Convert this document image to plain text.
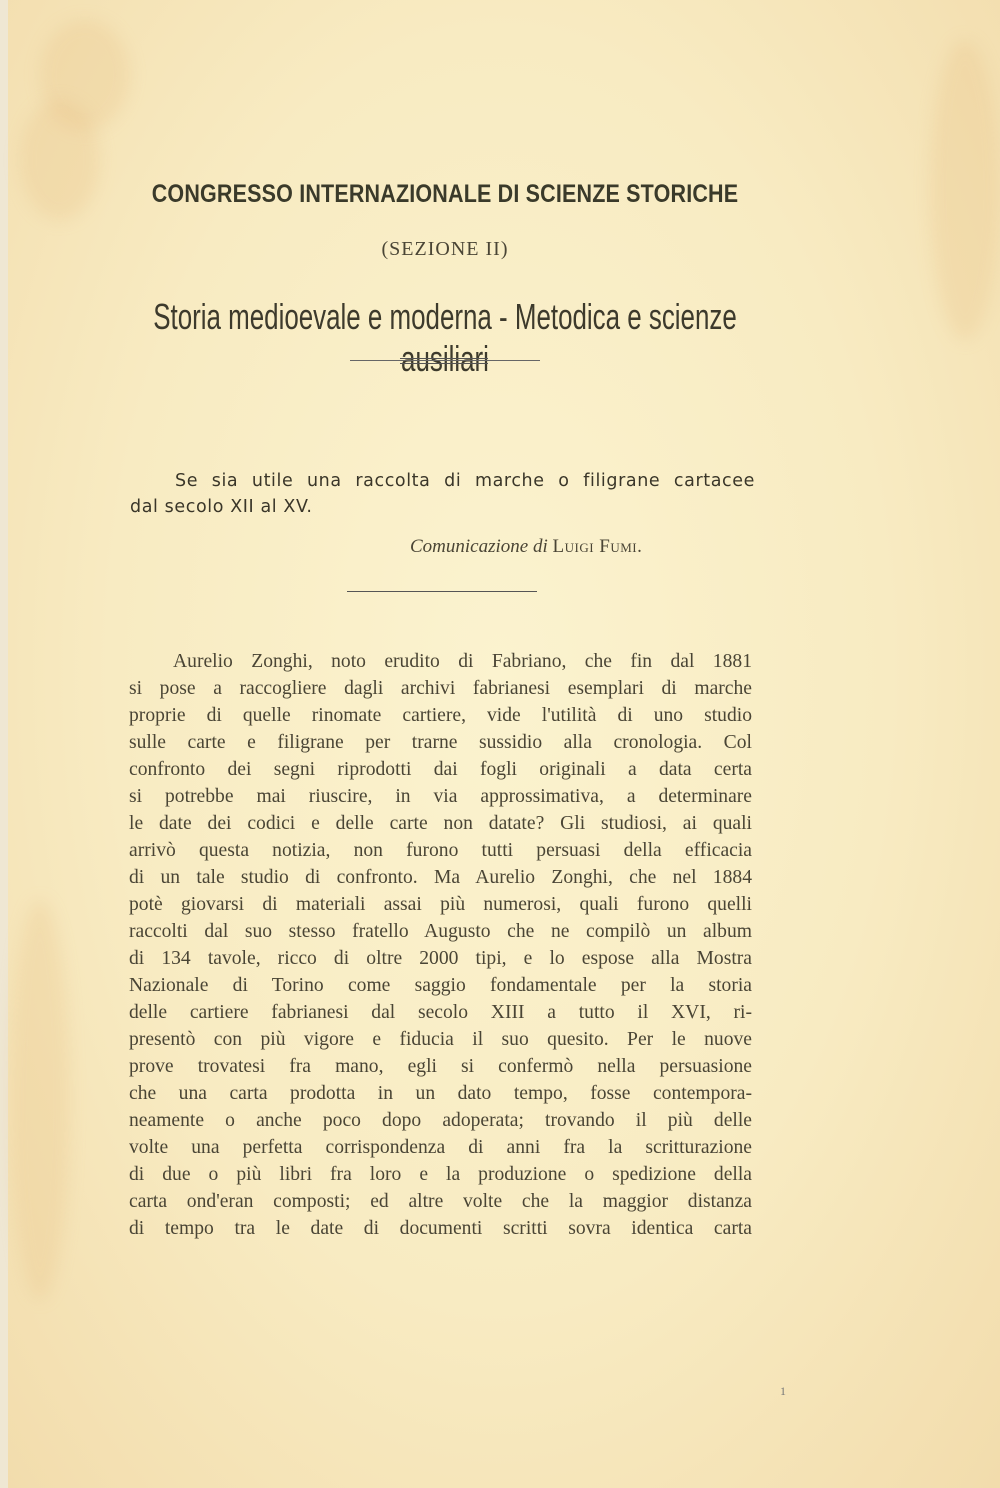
CONGRESSO INTERNAZIONALE DI SCIENZE STORICHE
(SEZIONE II)
Storia medioevale e moderna - Metodica e scienze ausiliari
Se sia utile una raccolta di marche o filigrane cartacee
dal secolo XII al XV.
Comunicazione di Luigi Fumi.
Aurelio Zonghi, noto erudito di Fabriano, che fin dal 1881
si pose a raccogliere dagli archivi fabrianesi esemplari di marche
proprie di quelle rinomate cartiere, vide l'utilità di uno studio
sulle carte e filigrane per trarne sussidio alla cronologia. Col
confronto dei segni riprodotti dai fogli originali a data certa
si potrebbe mai riuscire, in via approssimativa, a determinare
le date dei codici e delle carte non datate? Gli studiosi, ai quali
arrivò questa notizia, non furono tutti persuasi della efficacia
di un tale studio di confronto. Ma Aurelio Zonghi, che nel 1884
potè giovarsi di materiali assai più numerosi, quali furono quelli
raccolti dal suo stesso fratello Augusto che ne compilò un album
di 134 tavole, ricco di oltre 2000 tipi, e lo espose alla Mostra
Nazionale di Torino come saggio fondamentale per la storia
delle cartiere fabrianesi dal secolo XIII a tutto il XVI, ri-
presentò con più vigore e fiducia il suo quesito. Per le nuove
prove trovatesi fra mano, egli si confermò nella persuasione
che una carta prodotta in un dato tempo, fosse contempora-
neamente o anche poco dopo adoperata; trovando il più delle
volte una perfetta corrispondenza di anni fra la scritturazione
di due o più libri fra loro e la produzione o spedizione della
carta ond'eran composti; ed altre volte che la maggior distanza
di tempo tra le date di documenti scritti sovra identica carta
1
